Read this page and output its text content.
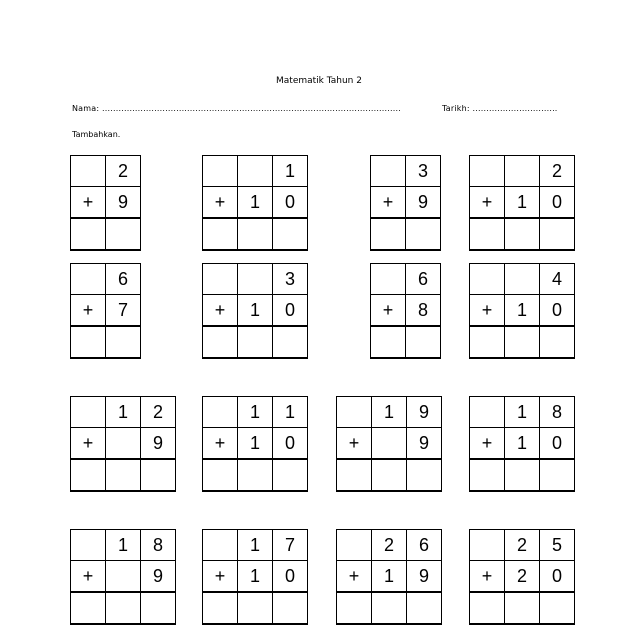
Matematik Tahun 2
Nama: .............................................................................................................	Tarikh: ...............................
Tambahkan.
	2
+	9

		1
+	1	0

	3
+	9

		2
+	1	0

	6
+	7

		3
+	1	0

	6
+	8

		4
+	1	0

	1	2
+		9

	1	1
+	1	0

	1	9
+		9

	1	8
+	1	0

	1	8
+		9

	1	7
+	1	0

	2	6
+	1	9

	2	5
+	2	0
